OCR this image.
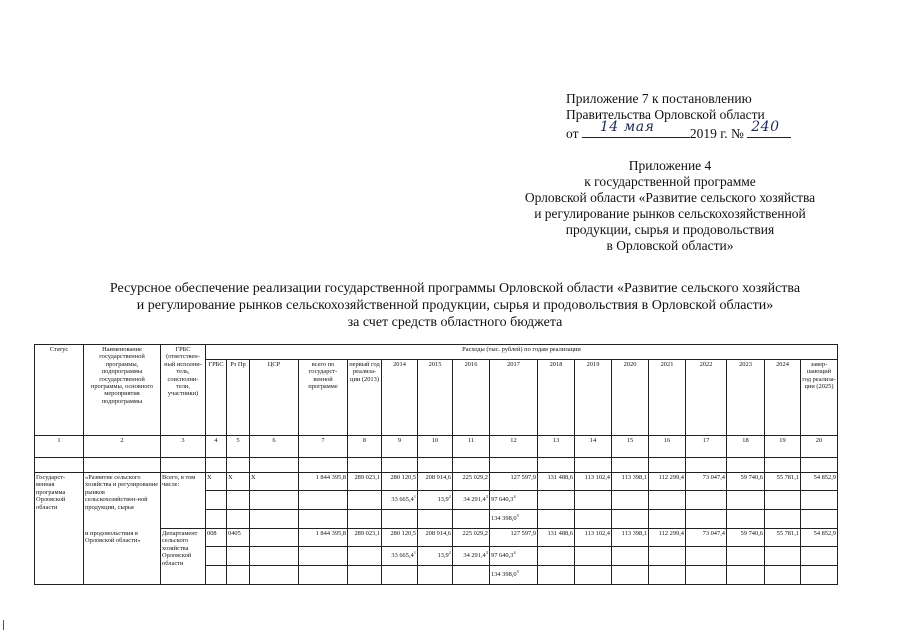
Приложение 7 к постановлению
Правительства Орловской области
от 14 мая	2019 г. № 240
Приложение 4
к государственной программе
Орловской области «Развитие сельского хозяйства
и регулирование рынков сельскохозяйственной
продукции, сырья и продовольствия
в Орловской области»
Ресурсное обеспечение реализации государственной программы Орловской области «Развитие сельского хозяйства
и регулирование рынков сельскохозяйственной продукции, сырья и продовольствия в Орловской области»
за счет средств областного бюджета
Статус	Наименование государственной программы, подпрограммы государственной программы, основного мероприятия подпрограммы	ГРБС (ответствен-ный исполни-тель, соисполни-тели, участники)	Расходы (тыс. рублей) по годам реализации																
			ГРБС	Рз Пр	ЦСР	всего по государст-венной программе	первый год реализа-ции (2013)	2014	2015	2016	2017	2018	2019	2020	2021	2022	2023	2024	завер-шающий год реализа-ции (2025)
1	2	3	4	5	6	7	8	9	10	11	12	13	14	15	16	17	18	19	20

Государст-венная программа Орловской области	«Развитие сельского хозяйства и регулирование рынков сельскохозяйствен-ной продукции, сырья	Всего, в том числе:	Х	Х	Х	1 844 395,8	289 023,1	280 120,5	208 914,6	225 029,2	127 597,9	131 488,6	113 102,4	113 398,1	112 299,4	73 047,4	59 740,6	55 781,1	54 852,9
								33 665,4$^1$	13,9$^2$	34 291,4$^3$	97 640,3$^4$								
											134 398,0$^5$								
	и продовольствия в Орловской области»	Департамент сельского хозяйства Орловской области	008	0405		1 844 395,8	289 023,1	280 120,5	208 914,6	225 029,2	127 597,9	131 488,6	113 102,4	113 398,1	112 299,4	73 047,4	59 740,6	55 781,1	54 852,9
								33 665,4$^1$	13,9$^2$	34 291,4$^3$	97 640,3$^4$								
											134 398,0$^5$								
